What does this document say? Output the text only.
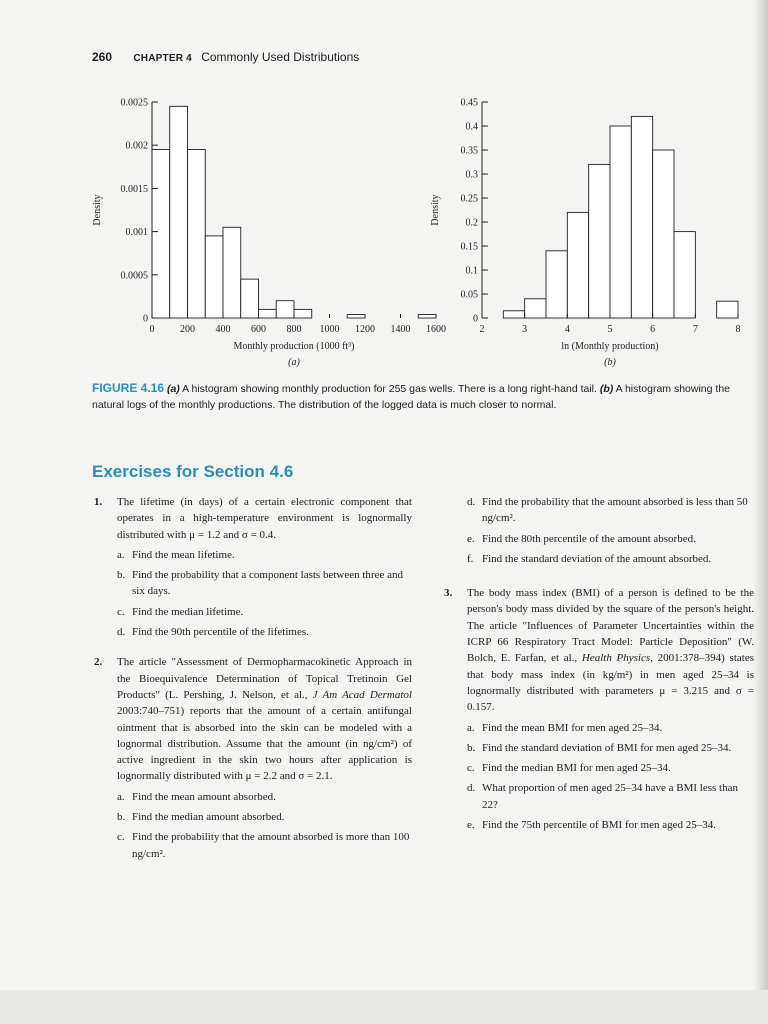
260 CHAPTER 4 Commonly Used Distributions
0
0.0005
0.001
0.0015
0.002
0.0025
0	200 400 600 800 1000 1200 1400 1600
Density
Monthly production (1000 ft³)
(a)
0
0.05
0.1
0.15
0.2
0.25
0.3
0.35
0.4
0.45
2	3	4	5	6	7	8
Density
ln (Monthly production)
(b)
FIGURE 4.16 (a) A histogram showing monthly production for 255 gas wells. There is a long right-hand tail. (b) A histogram showing the natural logs of the monthly productions. The distribution of the logged data is much closer to normal.
Exercises for Section 4.6
1. The lifetime (in days) of a certain electronic component that operates in a high-temperature environment is lognormally distributed with μ = 1.2 and σ = 0.4.

a. Find the mean lifetime.
b. Find the probability that a component lasts between three and six days.
c. Find the median lifetime.
d. Find the 90th percentile of the lifetimes.
2. The article "Assessment of Dermopharmacokinetic Approach in the Bioequivalence Determination of Topical Tretinoin Gel Products" (L. Pershing, J. Nelson, et al., J Am Acad Dermatol 2003:740–751) reports that the amount of a certain antifungal ointment that is absorbed into the skin can be modeled with a lognormal distribution. Assume that the amount (in ng/cm²) of active ingredient in the skin two hours after application is lognormally distributed with μ = 2.2 and σ = 2.1.

a. Find the mean amount absorbed.
b. Find the median amount absorbed.
c. Find the probability that the amount absorbed is more than 100 ng/cm².
d. Find the probability that the amount absorbed is less than 50 ng/cm².
e. Find the 80th percentile of the amount absorbed.
f. Find the standard deviation of the amount absorbed.
3. The body mass index (BMI) of a person is defined to be the person's body mass divided by the square of the person's height. The article "Influences of Parameter Uncertainties within the ICRP 66 Respiratory Tract Model: Particle Deposition" (W. Bolch, E. Farfan, et al., Health Physics, 2001:378–394) states that body mass index (in kg/m²) in men aged 25–34 is lognormally distributed with parameters μ = 3.215 and σ = 0.157.

a. Find the mean BMI for men aged 25–34.
b. Find the standard deviation of BMI for men aged 25–34.
c. Find the median BMI for men aged 25–34.
d. What proportion of men aged 25–34 have a BMI less than 22?
e. Find the 75th percentile of BMI for men aged 25–34.
